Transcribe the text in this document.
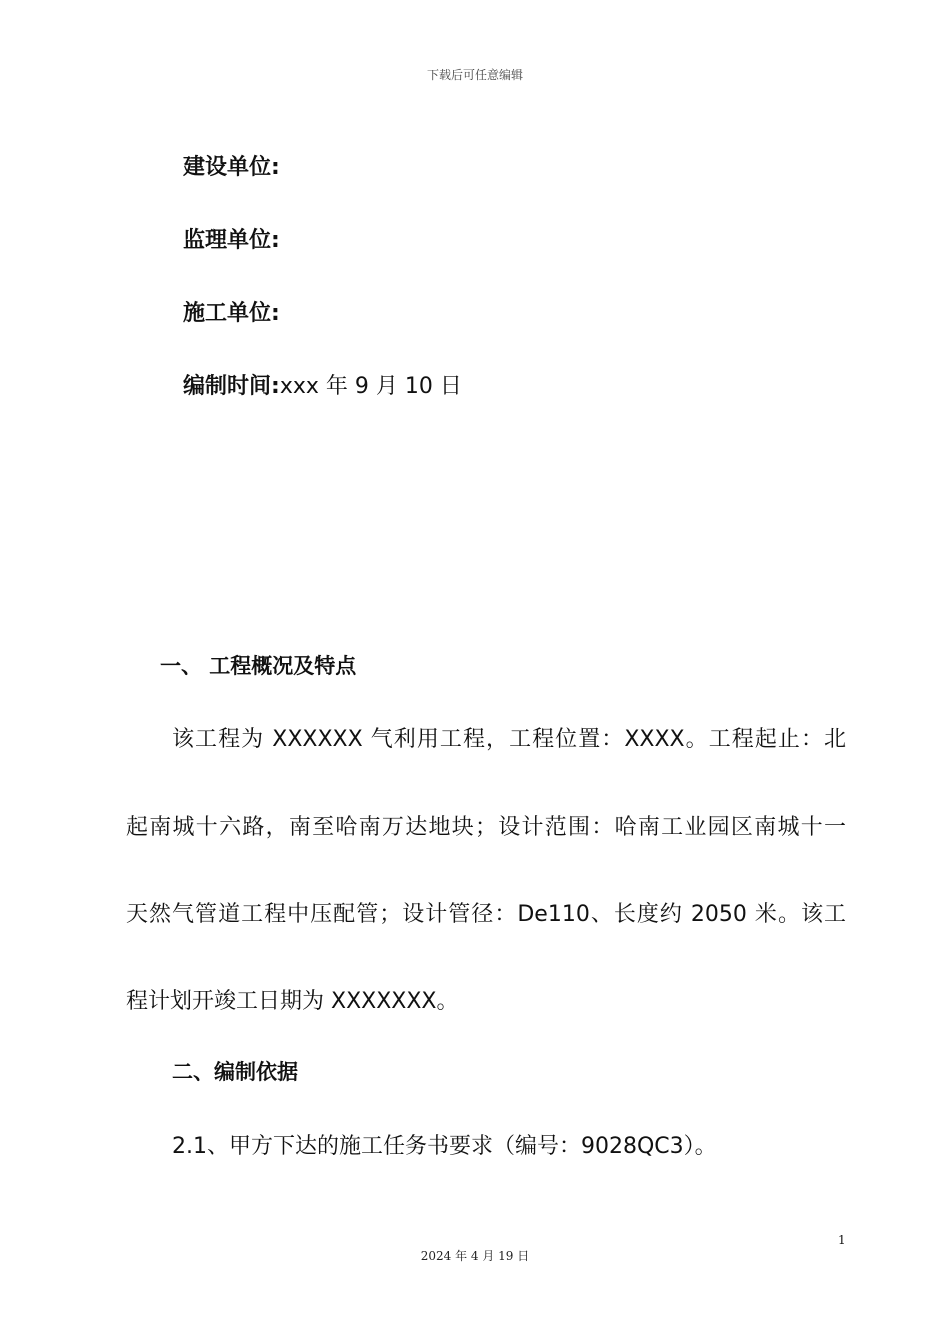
下载后可任意编辑
建设单位:
监理单位:
施工单位:
编制时间:xxx 年 9 月 10 日
一、 工程概况及特点
该工程为 XXXXXX 气利用工程，工程位置：XXXX。工程起止：北
起南城十六路，南至哈南万达地块；设计范围：哈南工业园区南城十一
天然气管道工程中压配管；设计管径：De110、长度约 2050 米。该工
程计划开竣工日期为 XXXXXXX。
二、编制依据
2.1、甲方下达的施工任务书要求（编号：9028QC3）。
1
2024 年 4 月 19 日
